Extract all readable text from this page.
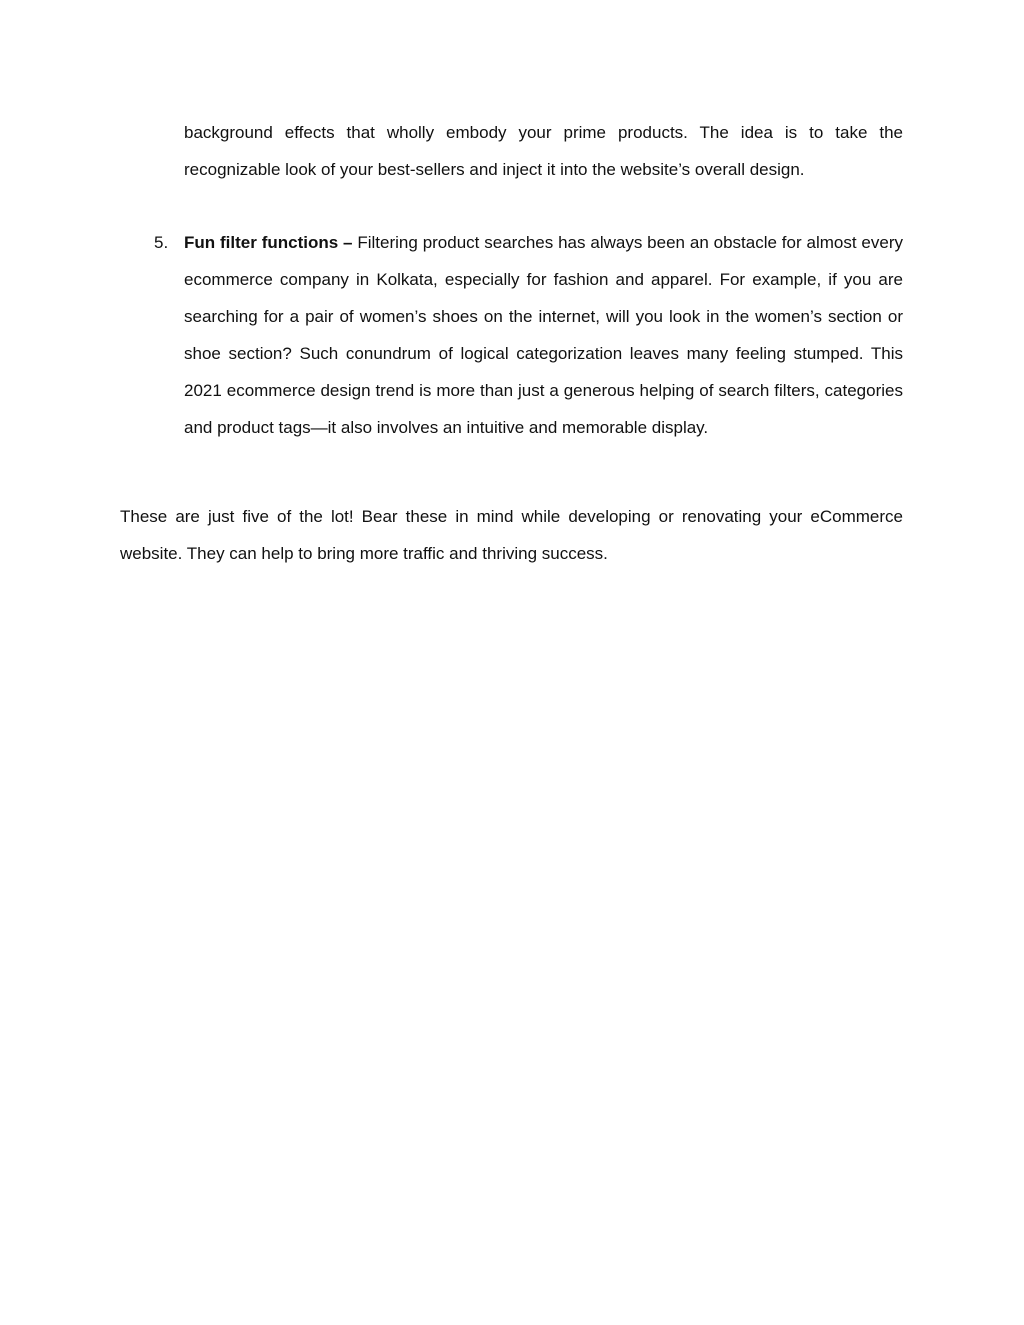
background effects that wholly embody your prime products. The idea is to take the recognizable look of your best-sellers and inject it into the website’s overall design.

5. Fun filter functions – Filtering product searches has always been an obstacle for almost every ecommerce company in Kolkata, especially for fashion and apparel. For example, if you are searching for a pair of women’s shoes on the internet, will you look in the women’s section or shoe section? Such conundrum of logical categorization leaves many feeling stumped. This 2021 ecommerce design trend is more than just a generous helping of search filters, categories and product tags—it also involves an intuitive and memorable display.

These are just five of the lot! Bear these in mind while developing or renovating your eCommerce website. They can help to bring more traffic and thriving success.
